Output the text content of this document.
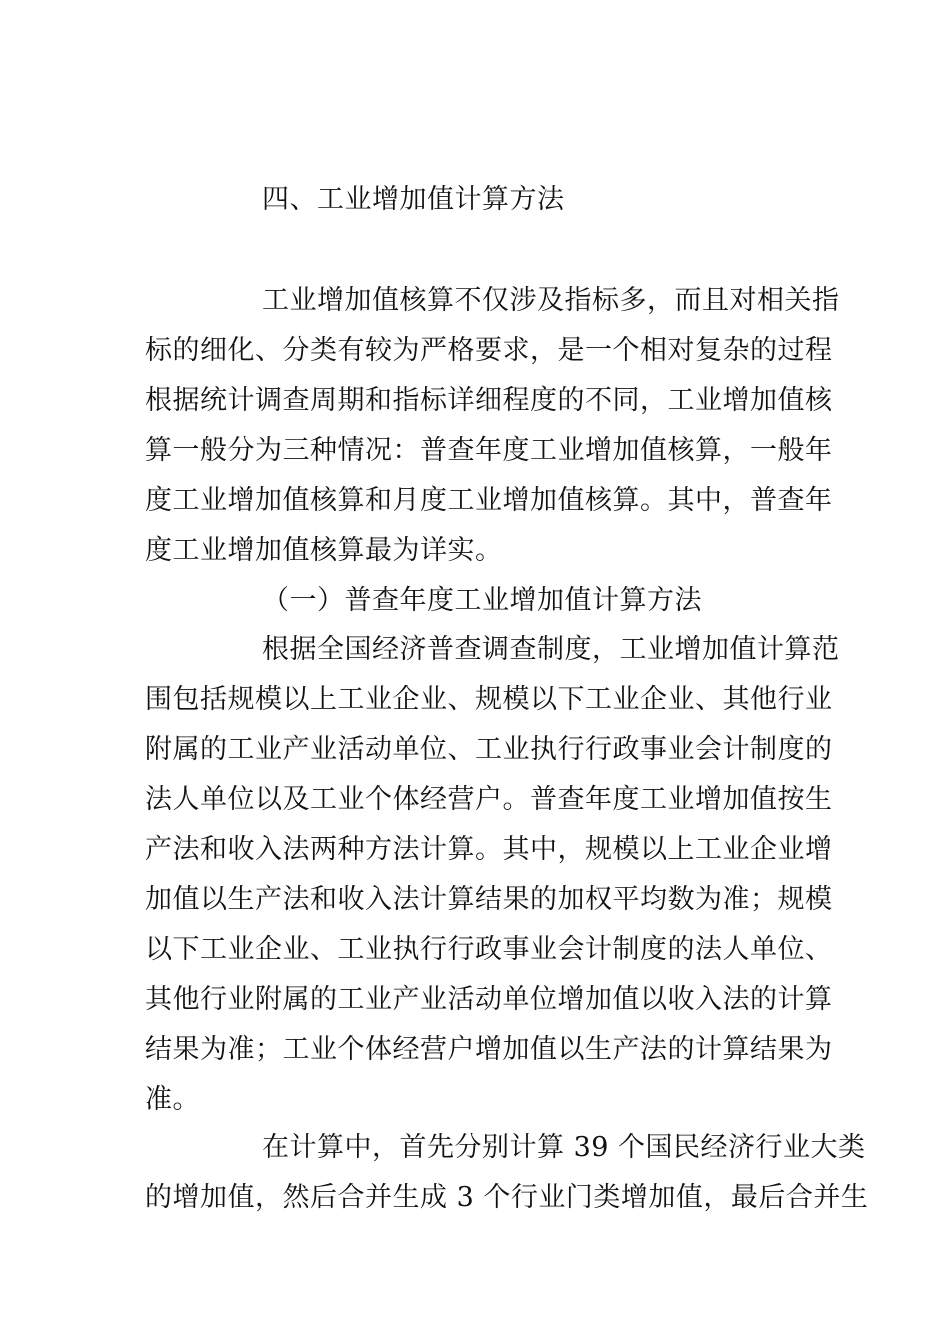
四、工业增加值计算方法
工业增加值核算不仅涉及指标多，而且对相关指
标的细化、分类有较为严格要求，是一个相对复杂的过程
根据统计调查周期和指标详细程度的不同，工业增加值核
算一般分为三种情况：普查年度工业增加值核算，一般年
度工业增加值核算和月度工业增加值核算。其中，普查年
度工业增加值核算最为详实。
（一）普查年度工业增加值计算方法
根据全国经济普查调查制度，工业增加值计算范
围包括规模以上工业企业、规模以下工业企业、其他行业
附属的工业产业活动单位、工业执行行政事业会计制度的
法人单位以及工业个体经营户。普查年度工业增加值按生
产法和收入法两种方法计算。其中，规模以上工业企业增
加值以生产法和收入法计算结果的加权平均数为准；规模
以下工业企业、工业执行行政事业会计制度的法人单位、
其他行业附属的工业产业活动单位增加值以收入法的计算
结果为准；工业个体经营户增加值以生产法的计算结果为
准。
在计算中，首先分别计算 39 个国民经济行业大类
的增加值，然后合并生成 3 个行业门类增加值，最后合并生
